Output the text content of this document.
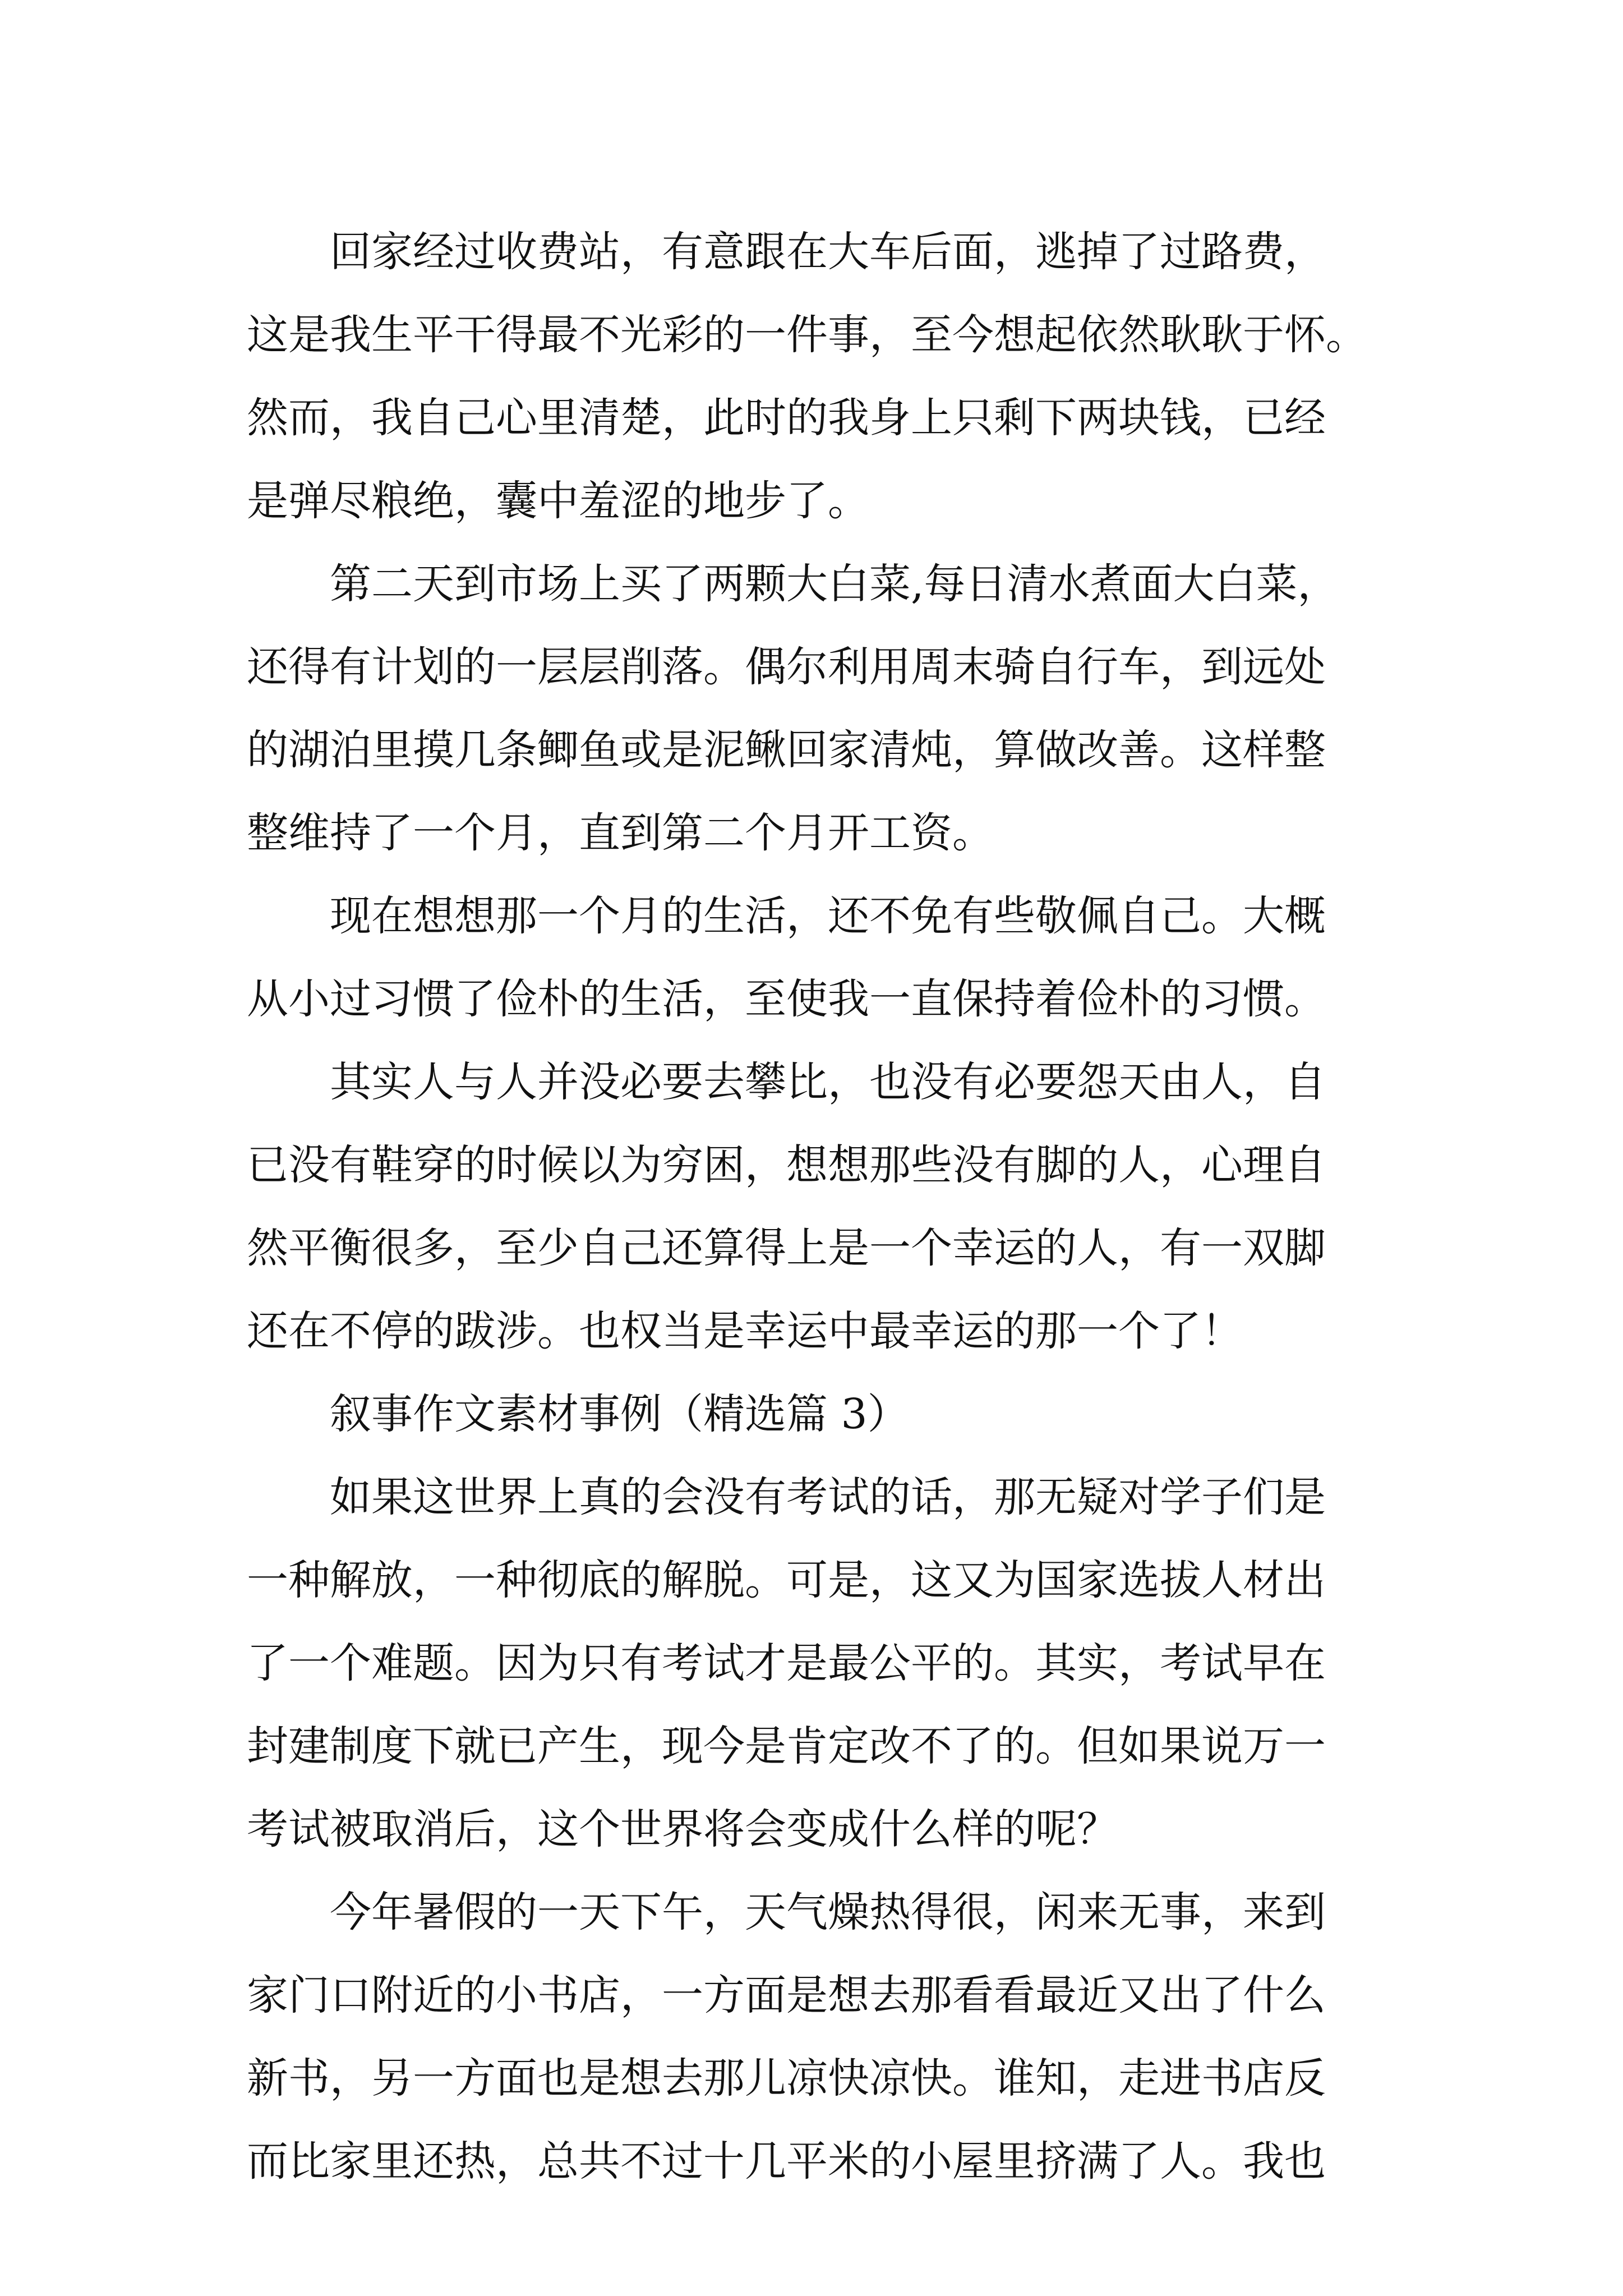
回家经过收费站，有意跟在大车后面，逃掉了过路费，
这是我生平干得最不光彩的一件事，至今想起依然耿耿于怀。
然而，我自己心里清楚，此时的我身上只剩下两块钱，已经
是弹尽粮绝，囊中羞涩的地步了。
第二天到市场上买了两颗大白菜,每日清水煮面大白菜，
还得有计划的一层层削落。偶尔利用周末骑自行车，到远处
的湖泊里摸几条鲫鱼或是泥鳅回家清炖，算做改善。这样整
整维持了一个月，直到第二个月开工资。
现在想想那一个月的生活，还不免有些敬佩自己。大概
从小过习惯了俭朴的生活，至使我一直保持着俭朴的习惯。
其实人与人并没必要去攀比，也没有必要怨天由人，自
已没有鞋穿的时候以为穷困，想想那些没有脚的人，心理自
然平衡很多，至少自己还算得上是一个幸运的人，有一双脚
还在不停的跋涉。也权当是幸运中最幸运的那一个了！
叙事作文素材事例（精选篇 3）
如果这世界上真的会没有考试的话，那无疑对学子们是
一种解放，一种彻底的解脱。可是，这又为国家选拔人材出
了一个难题。因为只有考试才是最公平的。其实，考试早在
封建制度下就已产生，现今是肯定改不了的。但如果说万一
考试被取消后，这个世界将会变成什么样的呢？
今年暑假的一天下午，天气燥热得很，闲来无事，来到
家门口附近的小书店，一方面是想去那看看最近又出了什么
新书，另一方面也是想去那儿凉快凉快。谁知，走进书店反
而比家里还热，总共不过十几平米的小屋里挤满了人。我也
